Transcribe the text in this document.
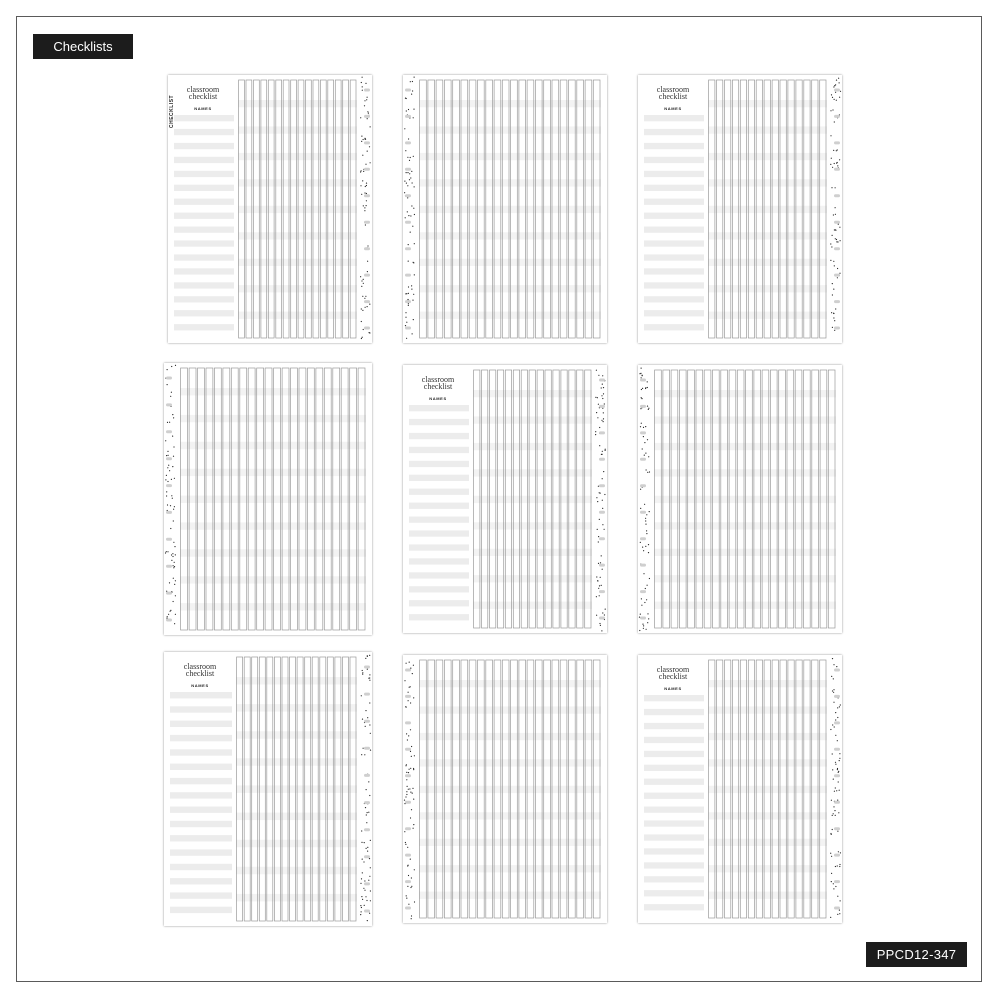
Checklists
classroom
checklist
NAMES
CHECKLIST
classroom
checklist
NAMES
classroom
checklist
NAMES
classroom
checklist
NAMES
classroom
checklist
NAMES
PPCD12-347
